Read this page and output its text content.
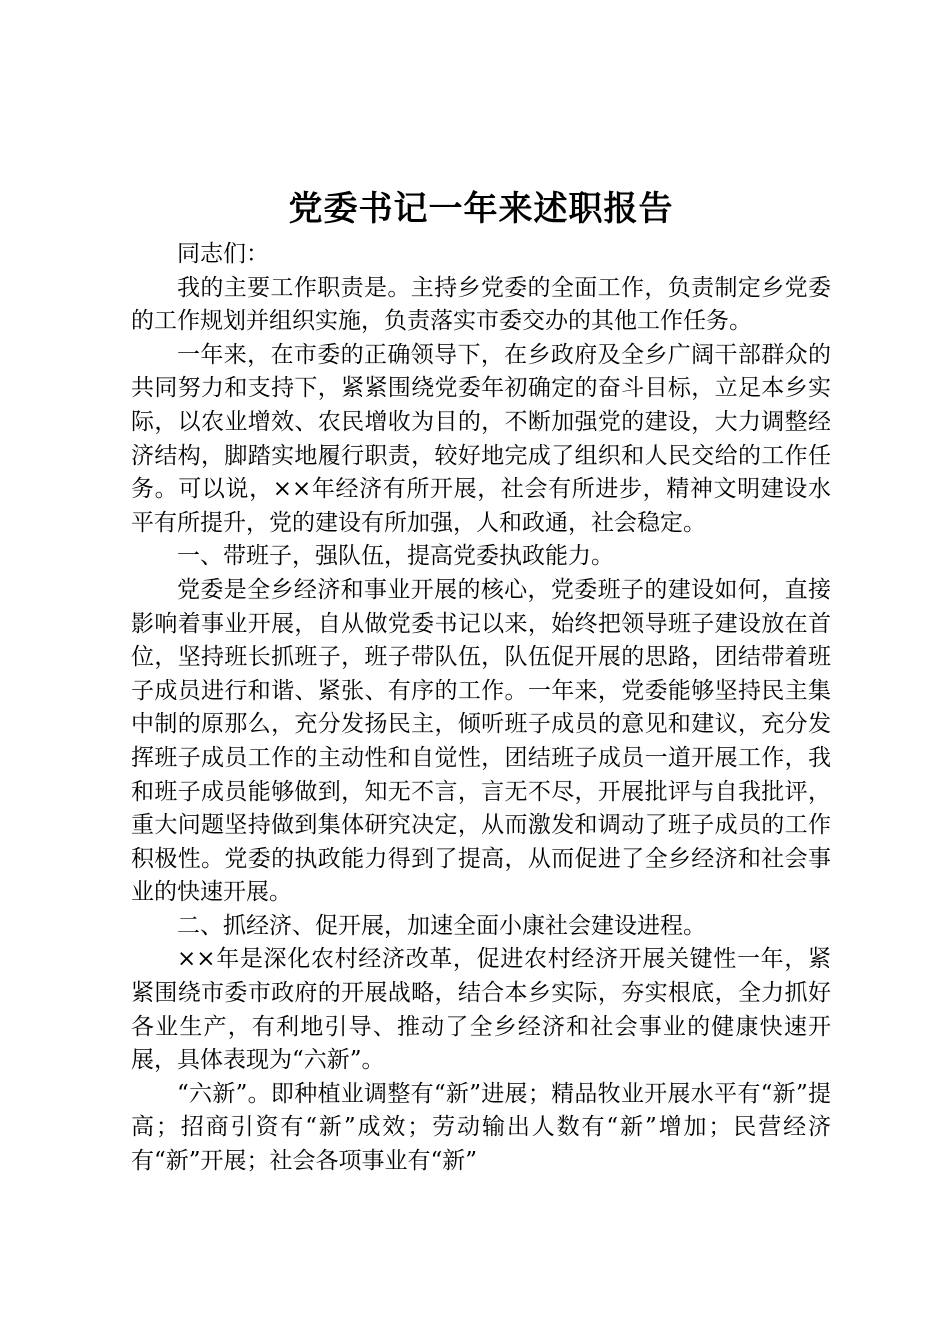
党委书记一年来述职报告

同志们：

我的主要工作职责是。主持乡党委的全面工作，负责制定乡党委的工作规划并组织实施，负责落实市委交办的其他工作任务。

一年来，在市委的正确领导下，在乡政府及全乡广阔干部群众的共同努力和支持下，紧紧围绕党委年初确定的奋斗目标，立足本乡实际，以农业增效、农民增收为目的，不断加强党的建设，大力调整经济结构，脚踏实地履行职责，较好地完成了组织和人民交给的工作任务。可以说，××年经济有所开展，社会有所进步，精神文明建设水平有所提升，党的建设有所加强，人和政通，社会稳定。

一、带班子，强队伍，提高党委执政能力。

党委是全乡经济和事业开展的核心，党委班子的建设如何，直接影响着事业开展，自从做党委书记以来，始终把领导班子建设放在首位，坚持班长抓班子，班子带队伍，队伍促开展的思路，团结带着班子成员进行和谐、紧张、有序的工作。一年来，党委能够坚持民主集中制的原那么，充分发扬民主，倾听班子成员的意见和建议，充分发挥班子成员工作的主动性和自觉性，团结班子成员一道开展工作，我和班子成员能够做到，知无不言，言无不尽，开展批评与自我批评，重大问题坚持做到集体研究决定，从而激发和调动了班子成员的工作积极性。党委的执政能力得到了提高，从而促进了全乡经济和社会事业的快速开展。

二、抓经济、促开展，加速全面小康社会建设进程。

××年是深化农村经济改革，促进农村经济开展关键性一年，紧紧围绕市委市政府的开展战略，结合本乡实际，夯实根底，全力抓好各业生产，有利地引导、推动了全乡经济和社会事业的健康快速开展，具体表现为“六新”。

“六新”。即种植业调整有“新”进展；精品牧业开展水平有“新”提高；招商引资有“新”成效；劳动输出人数有“新”增加；民营经济有“新”开展；社会各项事业有“新”
